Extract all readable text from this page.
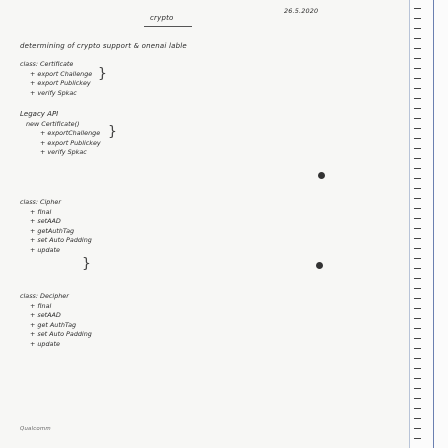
crypto
26.5.2020
determining of crypto support & onenai lable
class: Certificate
+ export Challenge
+ export Publickey
+ verify Spkac
}
Legacy API
new Certificate()
+ exportChallenge
+ export Publickey
+ verify Spkac
}
class: Cipher
+ final
+ setAAD
+ getAuthTag
+ set Auto Padding
+ update
}
class: Decipher
+ final
+ setAAD
+ get AuthTag
+ set Auto Padding
+ update
Qualcomm
